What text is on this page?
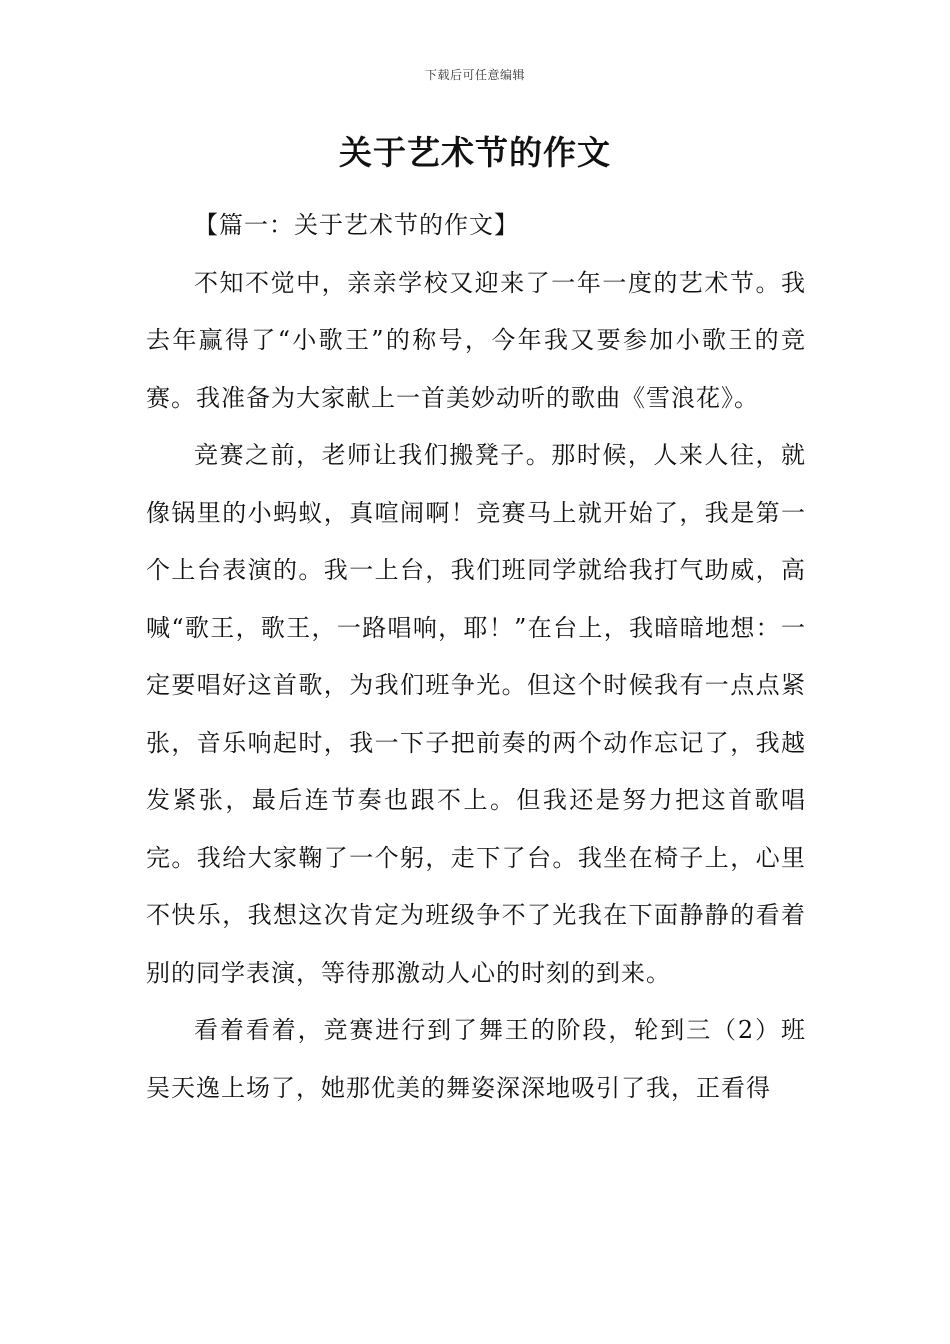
下载后可任意编辑
关于艺术节的作文

【篇一：关于艺术节的作文】

不知不觉中，亲亲学校又迎来了一年一度的艺术节。我去年赢得了“小歌王”的称号，今年我又要参加小歌王的竞赛。我准备为大家献上一首美妙动听的歌曲《雪浪花》。

竞赛之前，老师让我们搬凳子。那时候，人来人往，就像锅里的小蚂蚁，真喧闹啊！竞赛马上就开始了，我是第一个上台表演的。我一上台，我们班同学就给我打气助威，高喊“歌王，歌王，一路唱响，耶！”在台上，我暗暗地想：一定要唱好这首歌，为我们班争光。但这个时候我有一点点紧张，音乐响起时，我一下子把前奏的两个动作忘记了，我越发紧张，最后连节奏也跟不上。但我还是努力把这首歌唱完。我给大家鞠了一个躬，走下了台。我坐在椅子上，心里不快乐，我想这次肯定为班级争不了光我在下面静静的看着别的同学表演，等待那激动人心的时刻的到来。

看着看着，竞赛进行到了舞王的阶段，轮到三（2）班吴天逸上场了，她那优美的舞姿深深地吸引了我，正看得
